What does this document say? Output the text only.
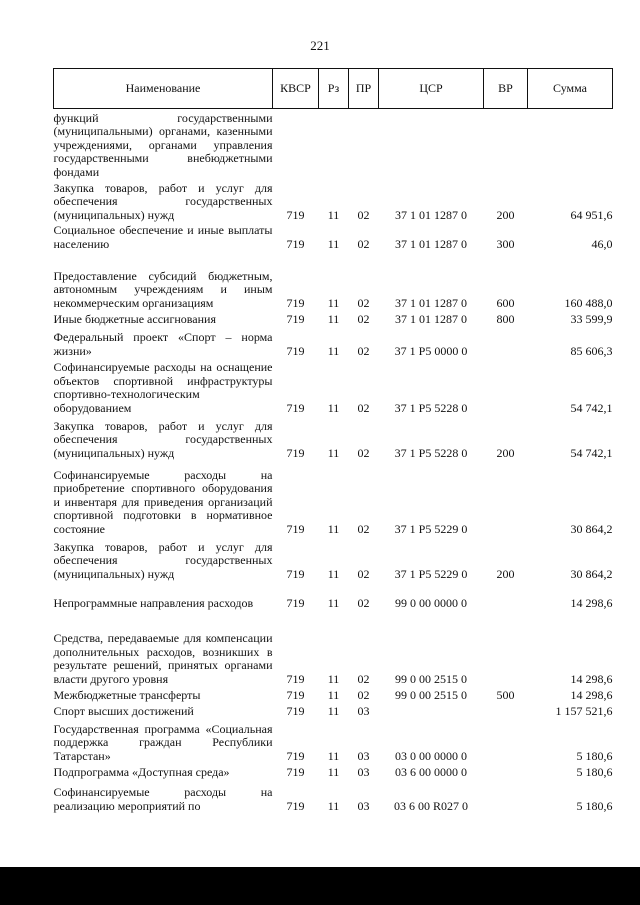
221
Наименование	КВСР	Рз	ПР	ЦСР	ВР	Сумма
функций государственными (муниципальными) органами, казенными учреждениями, органами управления государственными внебюджетными фондами						
Закупка товаров, работ и услуг для обеспечения государственных (муниципальных) нужд	719	11	02	37 1 01 1287 0	200	64 951,6
Социальное обеспечение и иные выплаты населению	719	11	02	37 1 01 1287 0	300	46,0
Предоставление субсидий бюджетным, автономным учреждениям и иным некоммерческим организациям	719	11	02	37 1 01 1287 0	600	160 488,0
Иные бюджетные ассигнования	719	11	02	37 1 01 1287 0	800	33 599,9
Федеральный проект «Спорт – норма жизни»	719	11	02	37 1 P5 0000 0		85 606,3
Софинансируемые расходы на оснащение объектов спортивной инфраструктуры спортивно-технологическим оборудованием	719	11	02	37 1 P5 5228 0		54 742,1
Закупка товаров, работ и услуг для обеспечения государственных (муниципальных) нужд	719	11	02	37 1 P5 5228 0	200	54 742,1
Софинансируемые расходы на приобретение спортивного оборудования и инвентаря для приведения организаций спортивной подготовки в нормативное состояние	719	11	02	37 1 P5 5229 0		30 864,2
Закупка товаров, работ и услуг для обеспечения государственных (муниципальных) нужд	719	11	02	37 1 P5 5229 0	200	30 864,2
Непрограммные направления расходов	719	11	02	99 0 00 0000 0		14 298,6
Средства, передаваемые для компенсации дополнительных расходов, возникших в результате решений, принятых органами власти другого уровня	719	11	02	99 0 00 2515 0		14 298,6
Межбюджетные трансферты	719	11	02	99 0 00 2515 0	500	14 298,6
Спорт высших достижений	719	11	03			1 157 521,6
Государственная программа «Социальная поддержка граждан Республики Татарстан»	719	11	03	03 0 00 0000 0		5 180,6
Подпрограмма «Доступная среда»	719	11	03	03 6 00 0000 0		5 180,6
Софинансируемые расходы на реализацию мероприятий по	719	11	03	03 6 00 R027 0		5 180,6
